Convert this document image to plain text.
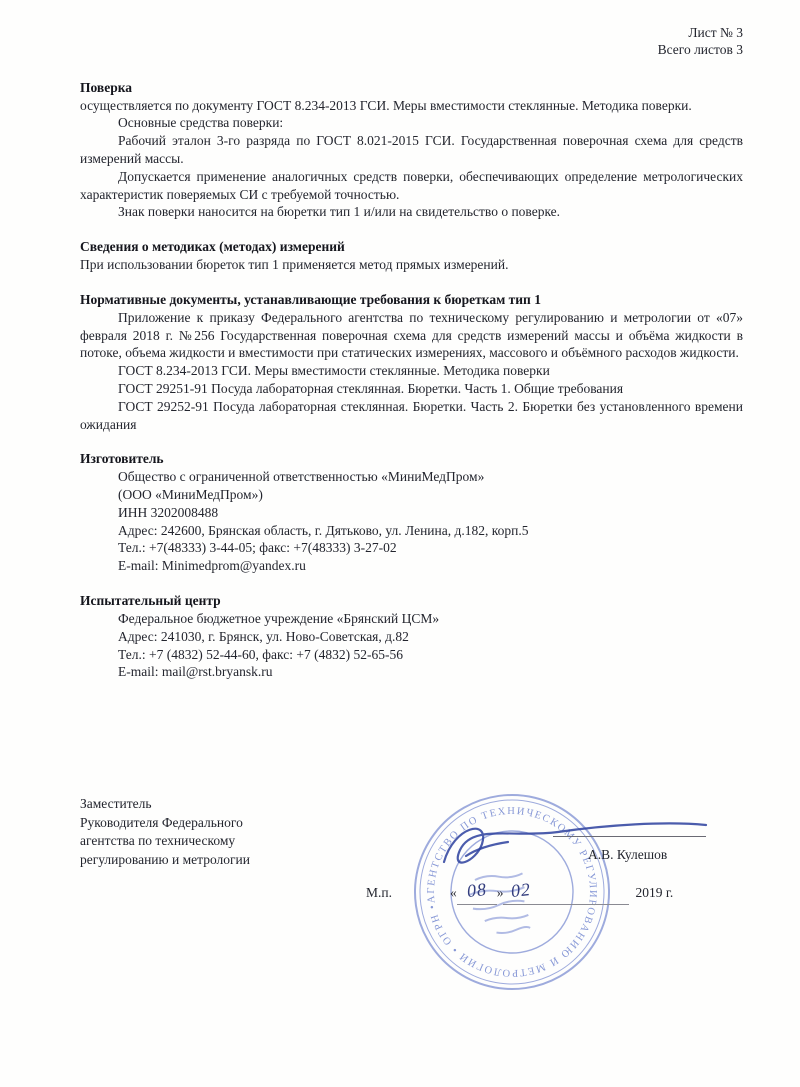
Лист № 3
Всего листов 3
Поверка

осуществляется по документу ГОСТ 8.234-2013 ГСИ. Меры вместимости стеклянные. Методика поверки.

Основные средства поверки:

Рабочий эталон 3-го разряда по ГОСТ 8.021-2015 ГСИ. Государственная поверочная схема для средств измерений массы.

Допускается применение аналогичных средств поверки, обеспечивающих определение метрологических характеристик поверяемых СИ с требуемой точностью.

Знак поверки наносится на бюретки тип 1 и/или на свидетельство о поверке.

Сведения о методиках (методах) измерений

При использовании бюреток тип 1 применяется метод прямых измерений.

Нормативные документы, устанавливающие требования к бюреткам тип 1

Приложение к приказу Федерального агентства по техническому регулированию и метрологии от «07» февраля 2018 г. №256 Государственная поверочная схема для средств измерений массы и объёма жидкости в потоке, объема жидкости и вместимости при статических измерениях, массового и объёмного расходов жидкости.

ГОСТ 8.234-2013 ГСИ. Меры вместимости стеклянные. Методика поверки

ГОСТ 29251-91 Посуда лабораторная стеклянная. Бюретки. Часть 1. Общие требования

ГОСТ 29252-91 Посуда лабораторная стеклянная. Бюретки. Часть 2. Бюретки без установленного времени ожидания

Изготовитель

Общество с ограниченной ответственностью «МиниМедПром»

(ООО «МиниМедПром»)

ИНН 3202008488

Адрес: 242600, Брянская область, г. Дятьково, ул. Ленина, д.182, корп.5

Тел.: +7(48333) 3-44-05; факс: +7(48333) 3-27-02

E-mail: Minimedprom@yandex.ru

Испытательный центр

Федеральное бюджетное учреждение «Брянский ЦСМ»

Адрес: 241030, г. Брянск, ул. Ново-Советская, д.82

Тел.: +7 (4832) 52-44-60, факс: +7 (4832) 52-65-56

E-mail: mail@rst.bryansk.ru

Заместитель
Руководителя Федерального
агентства по техническому
регулированию и метрологии
АГЕНТСТВО ПО ТЕХНИЧЕСКОМУ РЕГУЛИРОВАНИЮ И МЕТРОЛОГИИ • ОГРН •
А.В. Кулешов
М.п.	« 08 » 02	2019 г.
